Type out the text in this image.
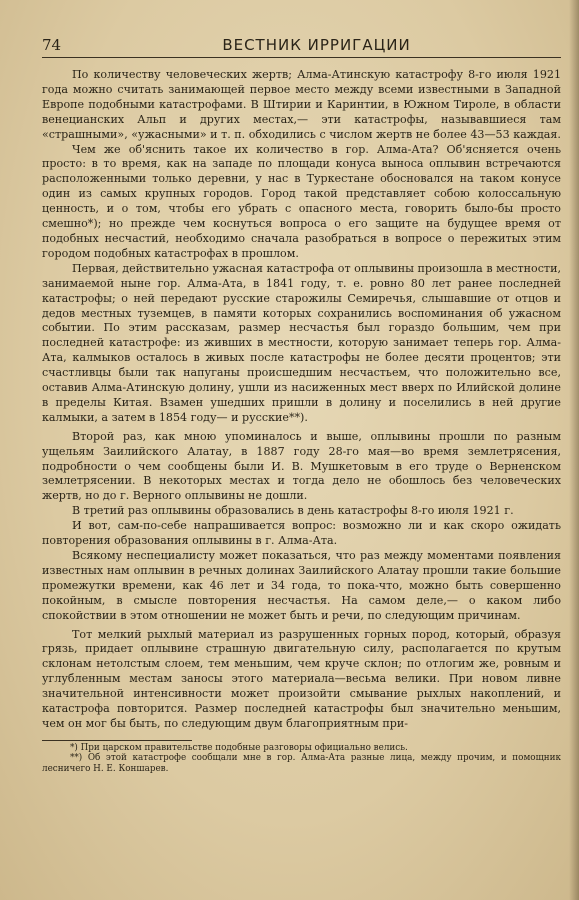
74	ВЕСТНИК ИРРИГАЦИИ

По количеству человеческих жертв; Алма-Атинскую катастрофу 8-го июля 1921 года можно считать занимающей первое место между всеми известными в Западной Европе подобными катастрофами. В Штирии и Каринтии, в Южном Тироле, в области венецианских Альп и других местах,— эти катастрофы, называвшиеся там «страшными», «ужасными» и т. п. обходились с числом жертв не более 43—53 каждая.

Чем же об'яснить такое их количество в гор. Алма-Ата? Об'ясняется очень просто: в то время, как на западе по площади конуса выноса оплывин встречаются расположенными только деревни, у нас в Туркестане обосновался на таком конусе один из самых крупных городов. Город такой представляет собою колоссальную ценность, и о том, чтобы его убрать с опасного места, говорить было-бы просто смешно*); но прежде чем коснуться вопроса о его защите на будущее время от подобных несчастий, необходимо сначала разобраться в вопросе о пережитых этим городом подобных катастрофах в прошлом.

Первая, действительно ужасная катастрофа от оплывины произошла в местности, занимаемой ныне гор. Алма-Ата, в 1841 году, т. е. ровно 80 лет ранее последней катастрофы; о ней передают русские старожилы Семиречья, слышавшие от отцов и дедов местных туземцев, в памяти которых сохранились воспоминания об ужасном событии. По этим рассказам, размер несчастья был гораздо большим, чем при последней катастрофе: из живших в местности, которую занимает теперь гор. Алма-Ата, калмыков осталось в живых после катастрофы не более десяти процентов; эти счастливцы были так напуганы происшедшим несчастьем, что положительно все, оставив Алма-Атинскую долину, ушли из насиженных мест вверх по Илийской долине в пределы Китая. Взамен ушедших пришли в долину и поселились в ней другие калмыки, а затем в 1854 году— и русские**).

Второй раз, как мною упоминалось и выше, оплывины прошли по разным ущельям Заилийского Алатау, в 1887 году 28-го мая—во время землетрясения, подробности о чем сообщены были И. В. Мушкетовым в его труде о Верненском землетрясении. В некоторых местах и тогда дело не обошлось без человеческих жертв, но до г. Верного оплывины не дошли.

В третий раз оплывины образовались в день катастрофы 8-го июля 1921 г.

И вот, сам-по-себе напрашивается вопрос: возможно ли и как скоро ожидать повторения образования оплывины в г. Алма-Ата.

Всякому неспециалисту может показаться, что раз между моментами появления известных нам оплывин в речных долинах Заилийского Алатау прошли такие большие промежутки времени, как 46 лет и 34 года, то пока-что, можно быть совершенно покойным, в смысле повторения несчастья. На самом деле,— о каком либо спокойствии в этом отношении не может быть и речи, по следующим причинам.

Тот мелкий рыхлый материал из разрушенных горных пород, который, образуя грязь, придает оплывине страшную двигательную силу, располагается по крутым склонам нетолстым слоем, тем меньшим, чем круче склон; по отлогим же, ровным и углубленным местам заносы этого материала—весьма велики. При новом ливне значительной интенсивности может произойти смывание рыхлых накоплений, и катастрофа повторится. Размер последней катастрофы был значительно меньшим, чем он мог бы быть, по следующим двум благоприятным при-

*) При царском правительстве подобные разговоры официально велись.

**) Об этой катастрофе сообщали мне в гор. Алма-Ата разные лица, между прочим, и помощник лесничего Н. Е. Коншарев.
